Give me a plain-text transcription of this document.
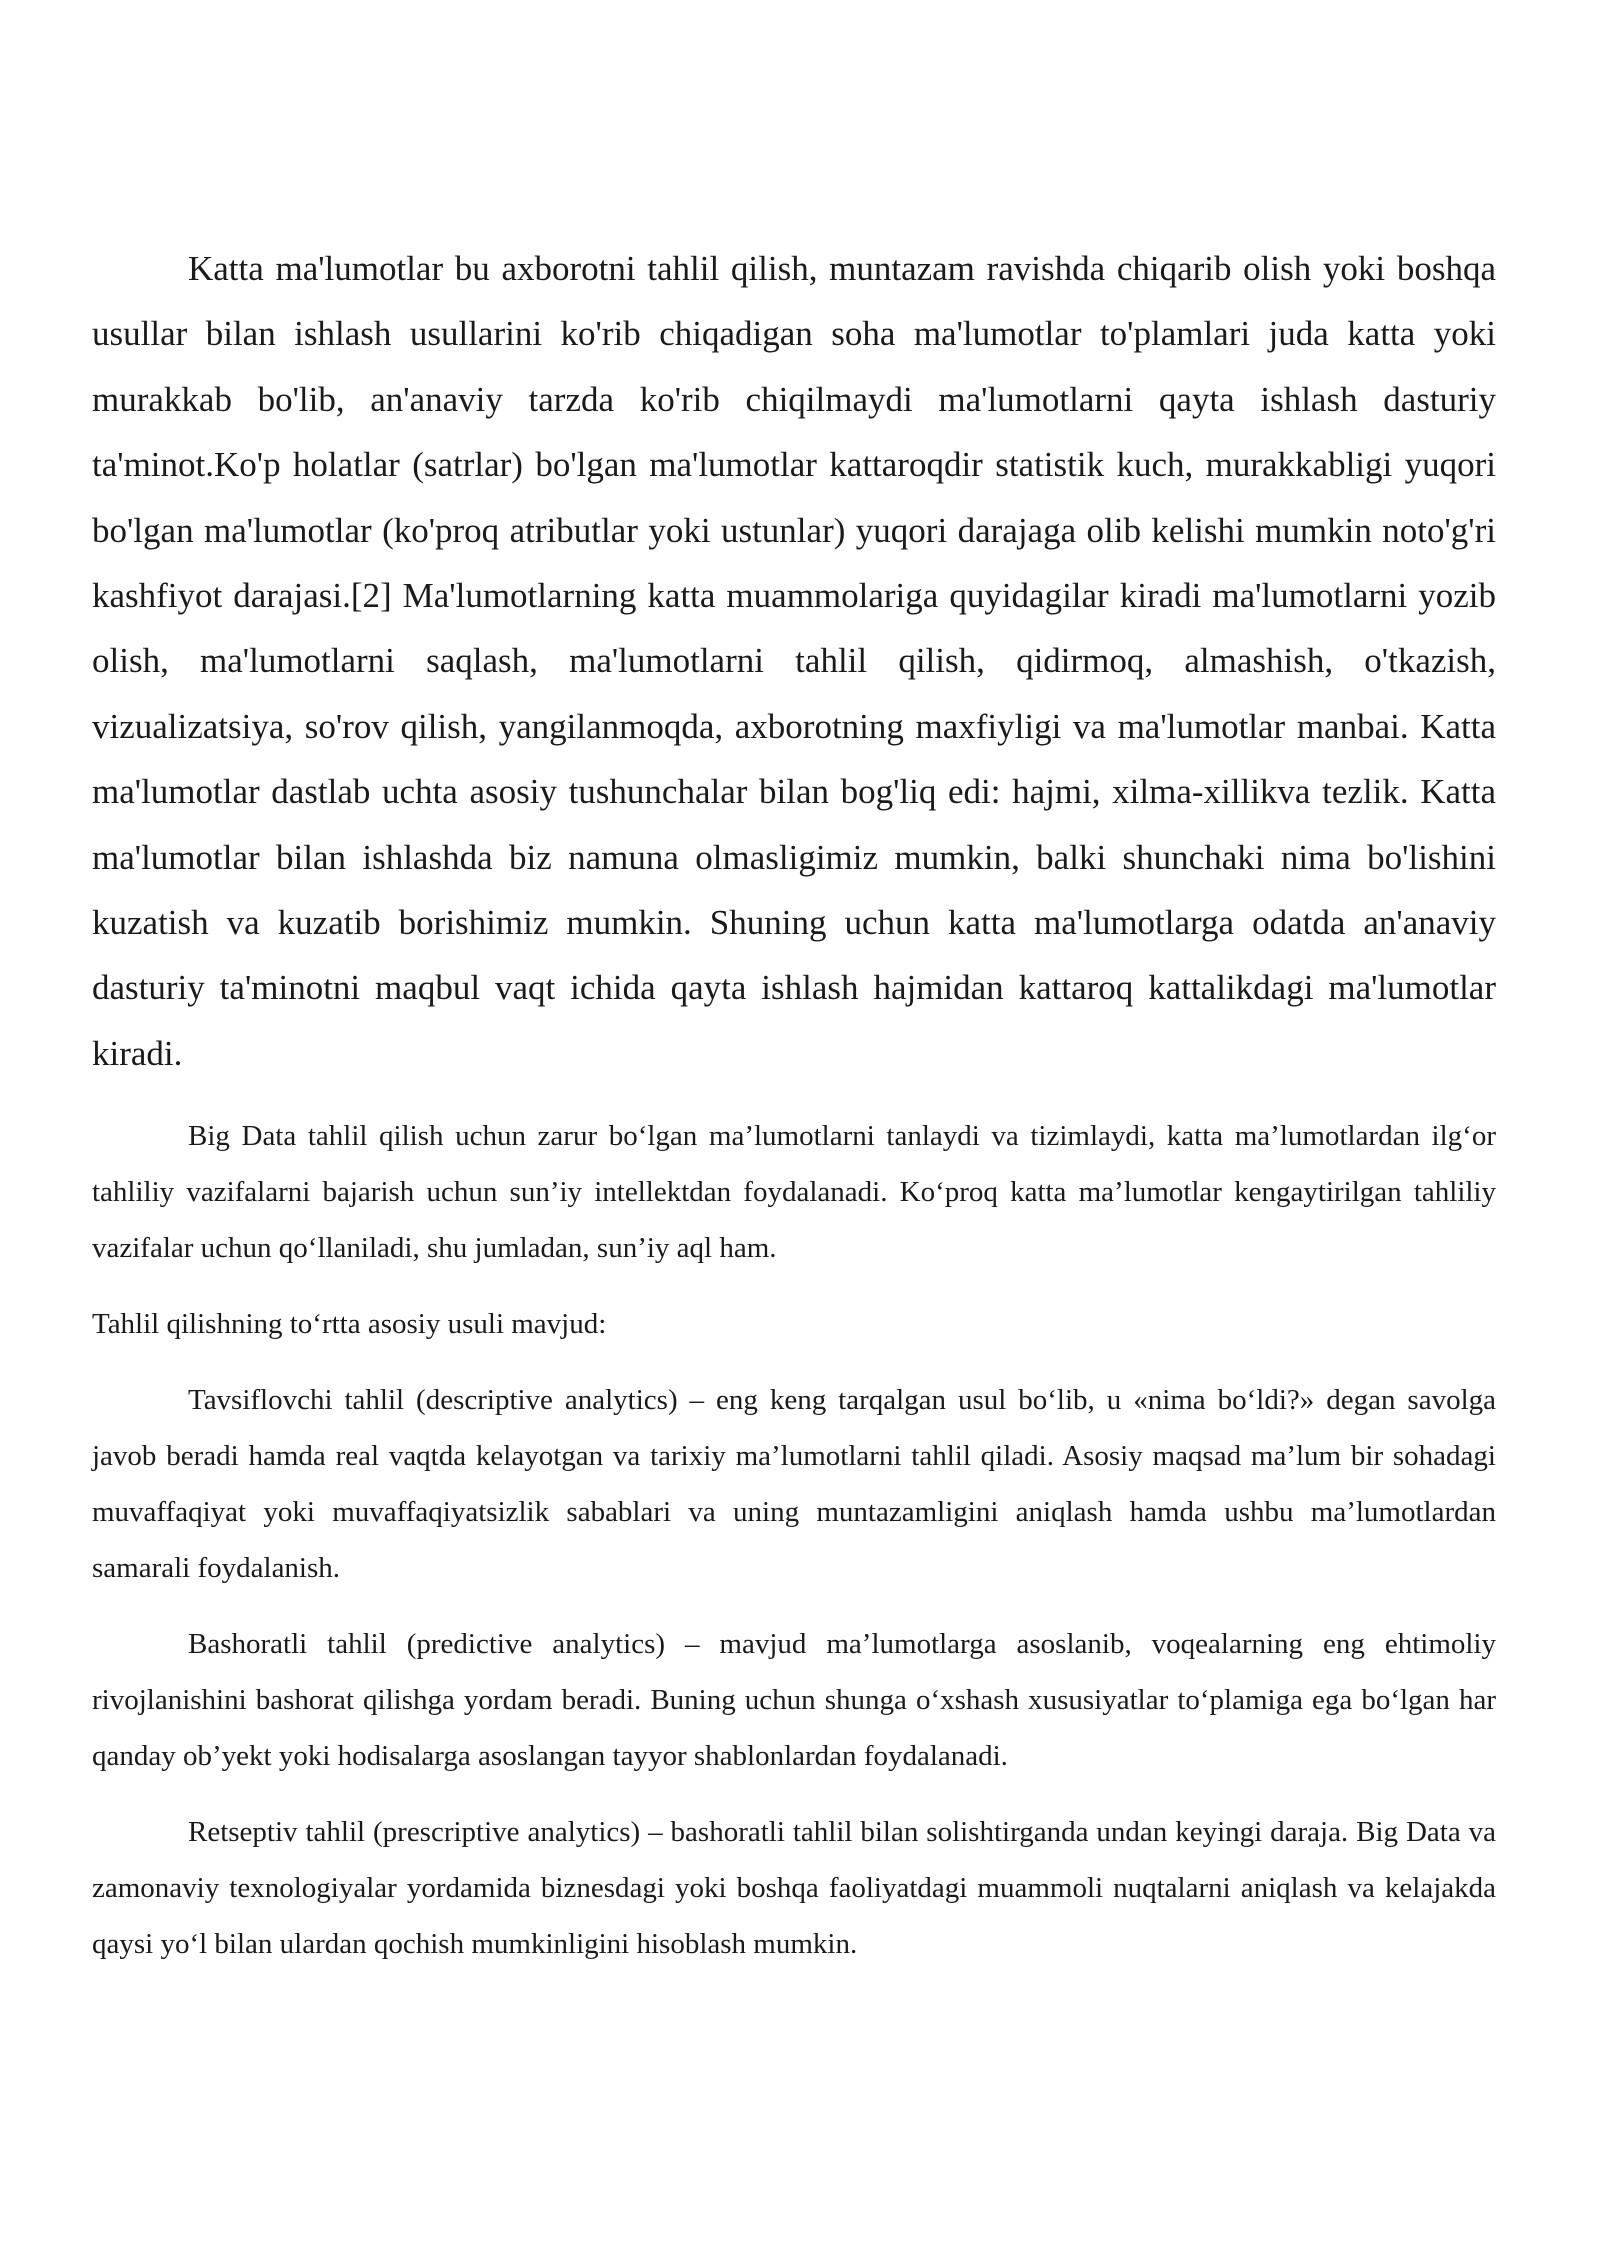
Katta ma'lumotlar bu axborotni tahlil qilish, muntazam ravishda chiqarib olish yoki boshqa usullar bilan ishlash usullarini ko'rib chiqadigan soha ma'lumotlar to'plamlari juda katta yoki murakkab bo'lib, an'anaviy tarzda ko'rib chiqilmaydi ma'lumotlarni qayta ishlash dasturiy ta'minot.Ko'p holatlar (satrlar) bo'lgan ma'lumotlar kattaroqdir statistik kuch, murakkabligi yuqori bo'lgan ma'lumotlar (ko'proq atributlar yoki ustunlar) yuqori darajaga olib kelishi mumkin noto'g'ri kashfiyot darajasi.[2] Ma'lumotlarning katta muammolariga quyidagilar kiradi ma'lumotlarni yozib olish, ma'lumotlarni saqlash, ma'lumotlarni tahlil qilish, qidirmoq, almashish, o'tkazish, vizualizatsiya, so'rov qilish, yangilanmoqda, axborotning maxfiyligi va ma'lumotlar manbai. Katta ma'lumotlar dastlab uchta asosiy tushunchalar bilan bog'liq edi: hajmi, xilma-xillikva tezlik. Katta ma'lumotlar bilan ishlashda biz namuna olmasligimiz mumkin, balki shunchaki nima bo'lishini kuzatish va kuzatib borishimiz mumkin. Shuning uchun katta ma'lumotlarga odatda an'anaviy dasturiy ta'minotni maqbul vaqt ichida qayta ishlash hajmidan kattaroq kattalikdagi ma'lumotlar kiradi.

Big Data tahlil qilish uchun zarur bo‘lgan ma’lumotlarni tanlaydi va tizimlaydi, katta ma’lumotlardan ilg‘or tahliliy vazifalarni bajarish uchun sun’iy intellektdan foydalanadi. Ko‘proq katta ma’lumotlar kengaytirilgan tahliliy vazifalar uchun qo‘llaniladi, shu jumladan, sun’iy aql ham.

Tahlil qilishning to‘rtta asosiy usuli mavjud:

Tavsiflovchi tahlil (descriptive analytics) – eng keng tarqalgan usul bo‘lib, u «nima bo‘ldi?» degan savolga javob beradi hamda real vaqtda kelayotgan va tarixiy ma’lumotlarni tahlil qiladi. Asosiy maqsad ma’lum bir sohadagi muvaffaqiyat yoki muvaffaqiyatsizlik sabablari va uning muntazamligini aniqlash hamda ushbu ma’lumotlardan samarali foydalanish.

Bashoratli tahlil (predictive analytics) – mavjud ma’lumotlarga asoslanib, voqealarning eng ehtimoliy rivojlanishini bashorat qilishga yordam beradi. Buning uchun shunga o‘xshash xususiyatlar to‘plamiga ega bo‘lgan har qanday ob’yekt yoki hodisalarga asoslangan tayyor shablonlardan foydalanadi.

Retseptiv tahlil (prescriptive analytics) – bashoratli tahlil bilan solishtirganda undan keyingi daraja. Big Data va zamonaviy texnologiyalar yordamida biznesdagi yoki boshqa faoliyatdagi muammoli nuqtalarni aniqlash va kelajakda qaysi yo‘l bilan ulardan qochish mumkinligini hisoblash mumkin.
